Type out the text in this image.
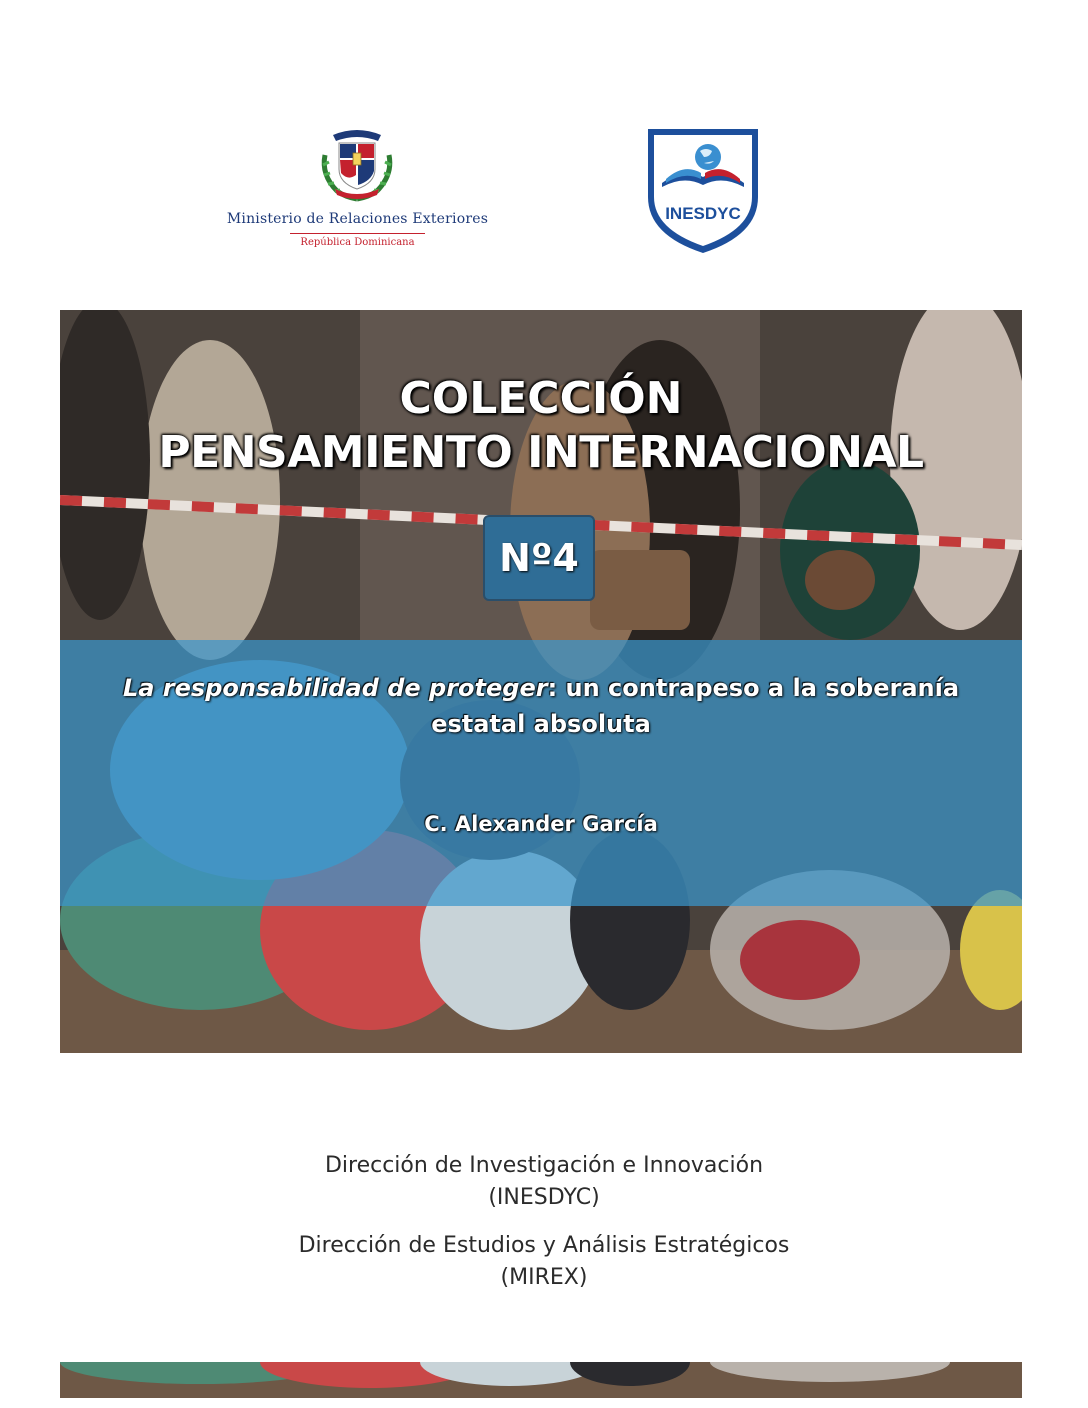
Ministerio de Relaciones Exteriores
República Dominicana
INESDYC
COLECCIÓN
PENSAMIENTO INTERNACIONAL
Nº4
La responsabilidad de proteger: un contrapeso a la soberanía estatal absoluta
C. Alexander García
Dirección de Investigación e Innovación
(INESDYC)
Dirección de Estudios y Análisis Estratégicos
(MIREX)
